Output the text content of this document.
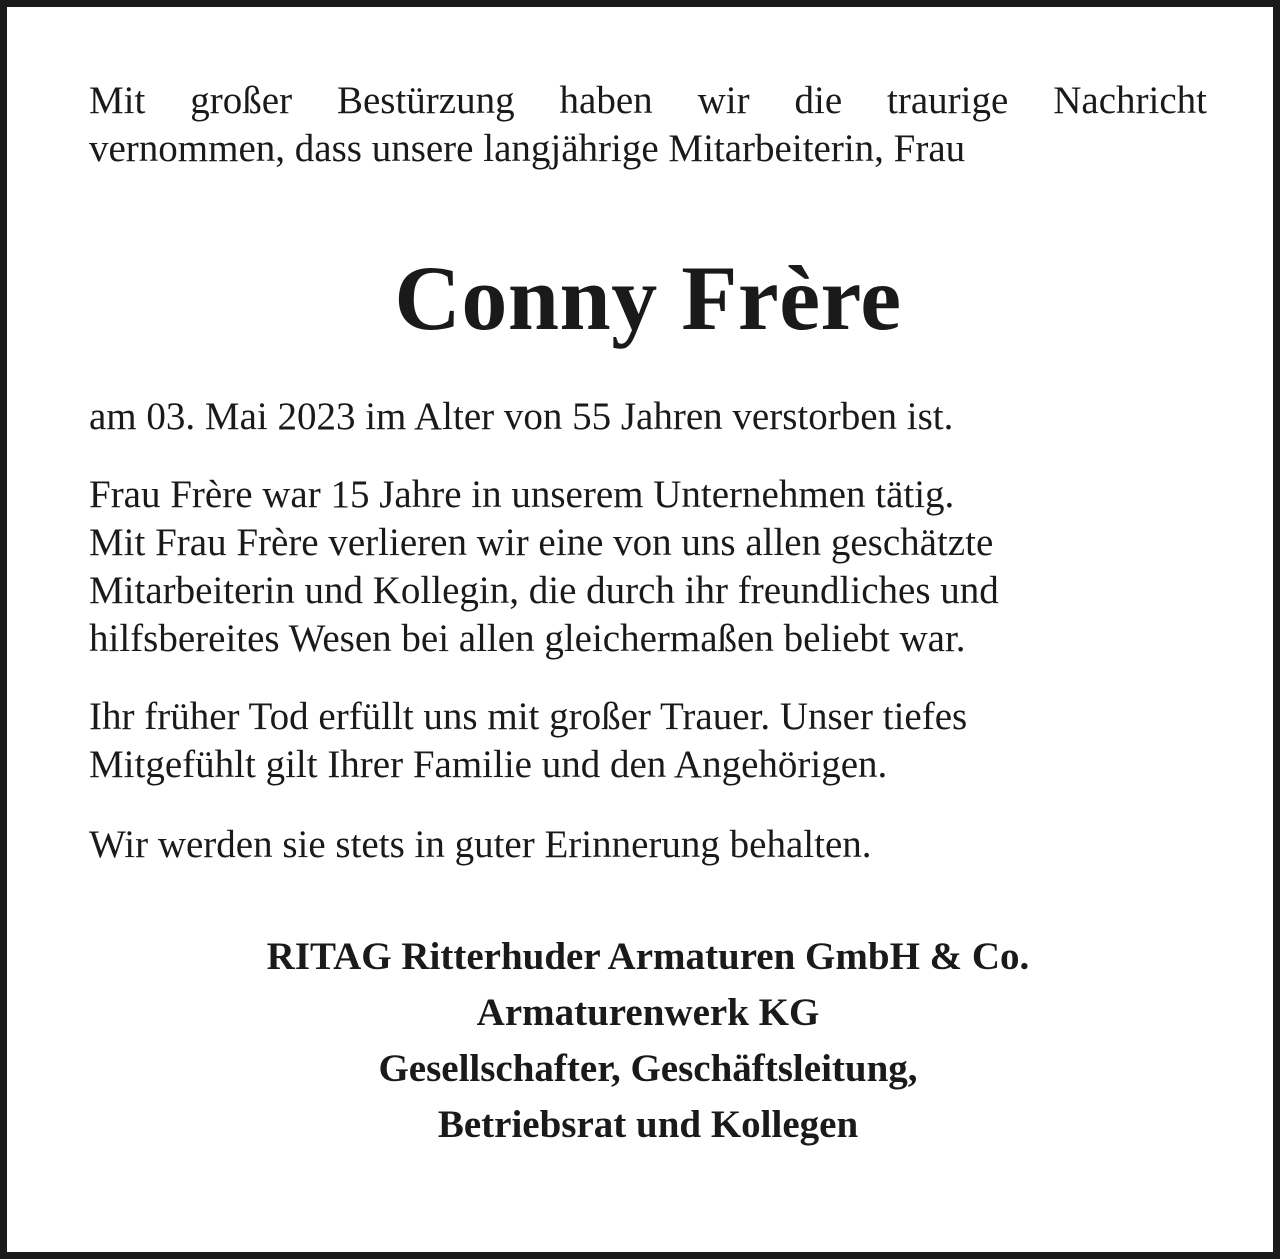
Mit großer Bestürzung haben wir die traurige Nachricht
vernommen, dass unsere langjährige Mitarbeiterin, Frau

Conny Frère

am 03. Mai 2023 im Alter von 55 Jahren verstorben ist.

Frau Frère war 15 Jahre in unserem Unternehmen tätig.
Mit Frau Frère verlieren wir eine von uns allen geschätzte
Mitarbeiterin und Kollegin, die durch ihr freundliches und
hilfsbereites Wesen bei allen gleichermaßen beliebt war.

Ihr früher Tod erfüllt uns mit großer Trauer. Unser tiefes
Mitgefühlt gilt Ihrer Familie und den Angehörigen.

Wir werden sie stets in guter Erinnerung behalten.

RITAG Ritterhuder Armaturen GmbH & Co.
Armaturenwerk KG
Gesellschafter, Geschäftsleitung,
Betriebsrat und Kollegen
